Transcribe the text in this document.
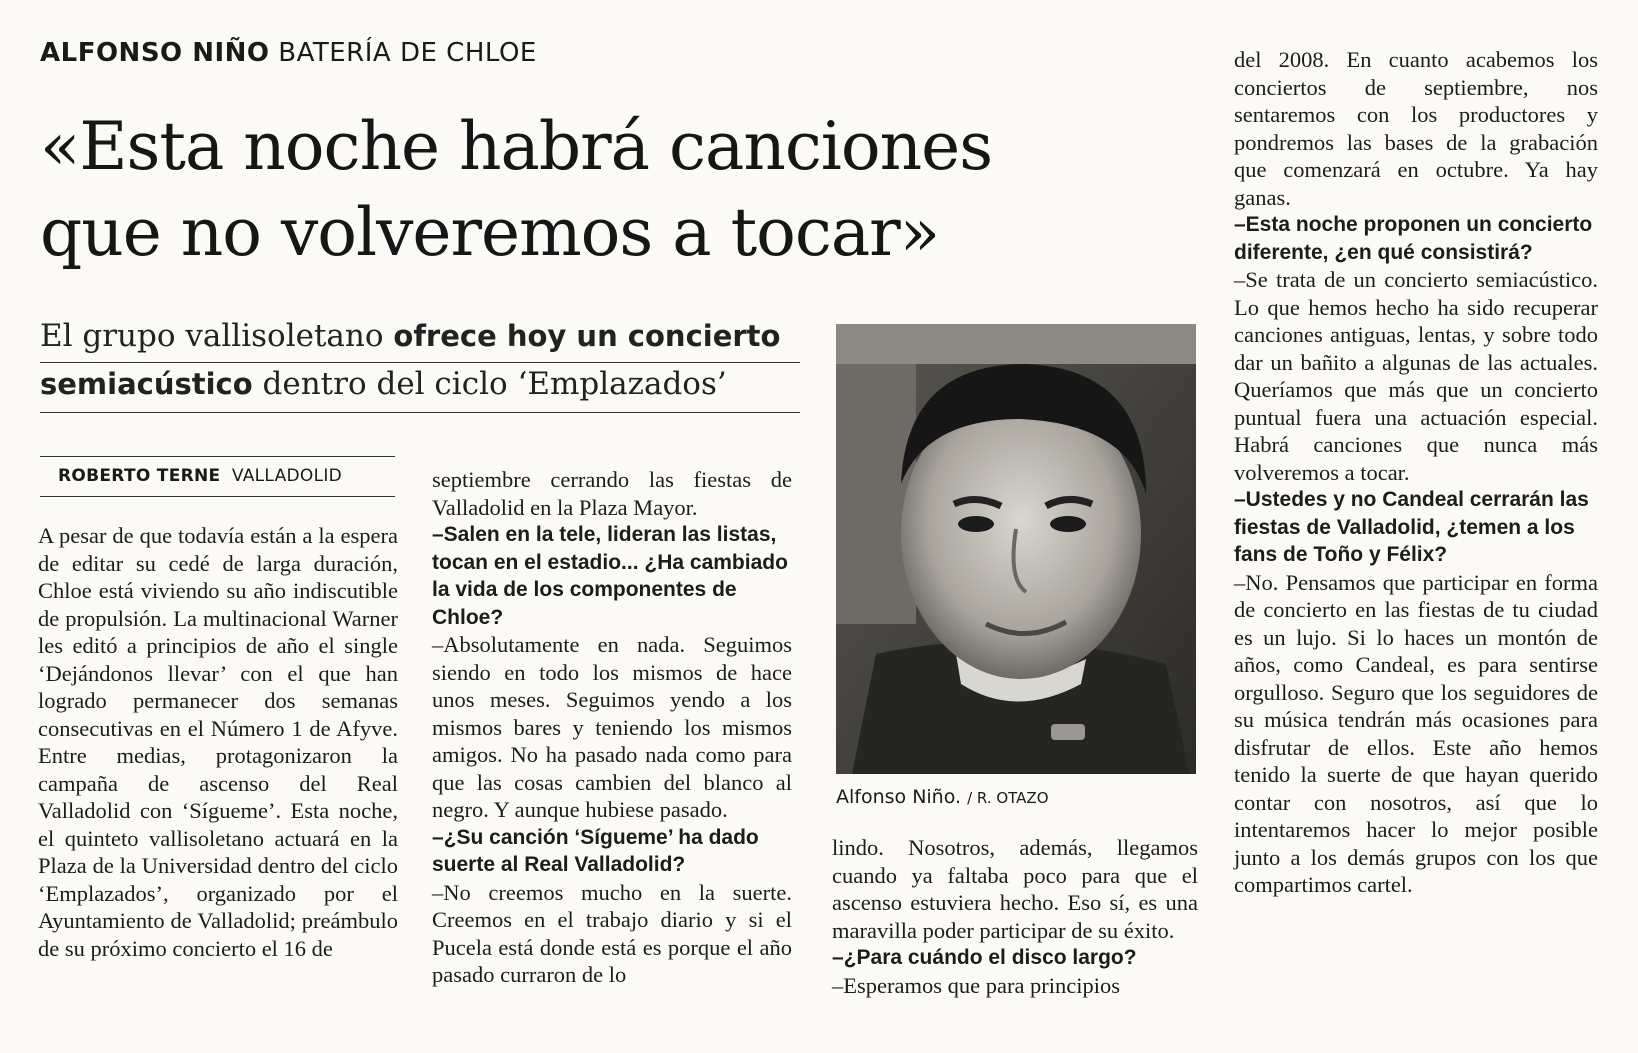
ALFONSO NIÑO BATERÍA DE CHLOE
«Esta noche habrá canciones
que no volveremos a tocar»
El grupo vallisoletano ofrece hoy un concierto
semiacústico dentro del ciclo ‘Emplazados’
ROBERTO TERNE VALLADOLID

A pesar de que todavía están a la espera de editar su cedé de larga duración, Chloe está viviendo su año indiscutible de propulsión. La multinacional Warner les editó a principios de año el single ‘Dejándonos llevar’ con el que han logrado permanecer dos semanas consecutivas en el Número 1 de Afyve. Entre medias, protagonizaron la campaña de ascenso del Real Valladolid con ‘Sígueme’. Esta noche, el quinteto vallisoletano actuará en la Plaza de la Universidad dentro del ciclo ‘Emplazados’, organizado por el Ayuntamiento de Valladolid; preámbulo de su próximo concierto el 16 de

septiembre cerrando las fiestas de Valladolid en la Plaza Mayor.

–Salen en la tele, lideran las listas, tocan en el estadio... ¿Ha cambiado la vida de los componentes de Chloe?

–Absolutamente en nada. Seguimos siendo en todo los mismos de hace unos meses. Seguimos yendo a los mismos bares y teniendo los mismos amigos. No ha pasado nada como para que las cosas cambien del blanco al negro. Y aunque hubiese pasado.

–¿Su canción ‘Sígueme’ ha dado suerte al Real Valladolid?

–No creemos mucho en la suerte. Creemos en el trabajo diario y si el Pucela está donde está es porque el año pasado curraron de lo

lindo. Nosotros, además, llegamos cuando ya faltaba poco para que el ascenso estuviera hecho. Eso sí, es una maravilla poder participar de su éxito.

–¿Para cuándo el disco largo?

–Esperamos que para principios

del 2008. En cuanto acabemos los conciertos de septiembre, nos sentaremos con los productores y pondremos las bases de la grabación que comenzará en octubre. Ya hay ganas.

–Esta noche proponen un concierto diferente, ¿en qué consistirá?

–Se trata de un concierto semiacústico. Lo que hemos hecho ha sido recuperar canciones antiguas, lentas, y sobre todo dar un bañito a algunas de las actuales. Queríamos que más que un concierto puntual fuera una actuación especial. Habrá canciones que nunca más volveremos a tocar.

–Ustedes y no Candeal cerrarán las fiestas de Valladolid, ¿temen a los fans de Toño y Félix?

–No. Pensamos que participar en forma de concierto en las fiestas de tu ciudad es un lujo. Si lo haces un montón de años, como Candeal, es para sentirse orgulloso. Seguro que los seguidores de su música tendrán más ocasiones para disfrutar de ellos. Este año hemos tenido la suerte de que hayan querido contar con nosotros, así que lo intentaremos hacer lo mejor posible junto a los demás grupos con los que compartimos cartel.

Alfonso Niño. / R. OTAZO
